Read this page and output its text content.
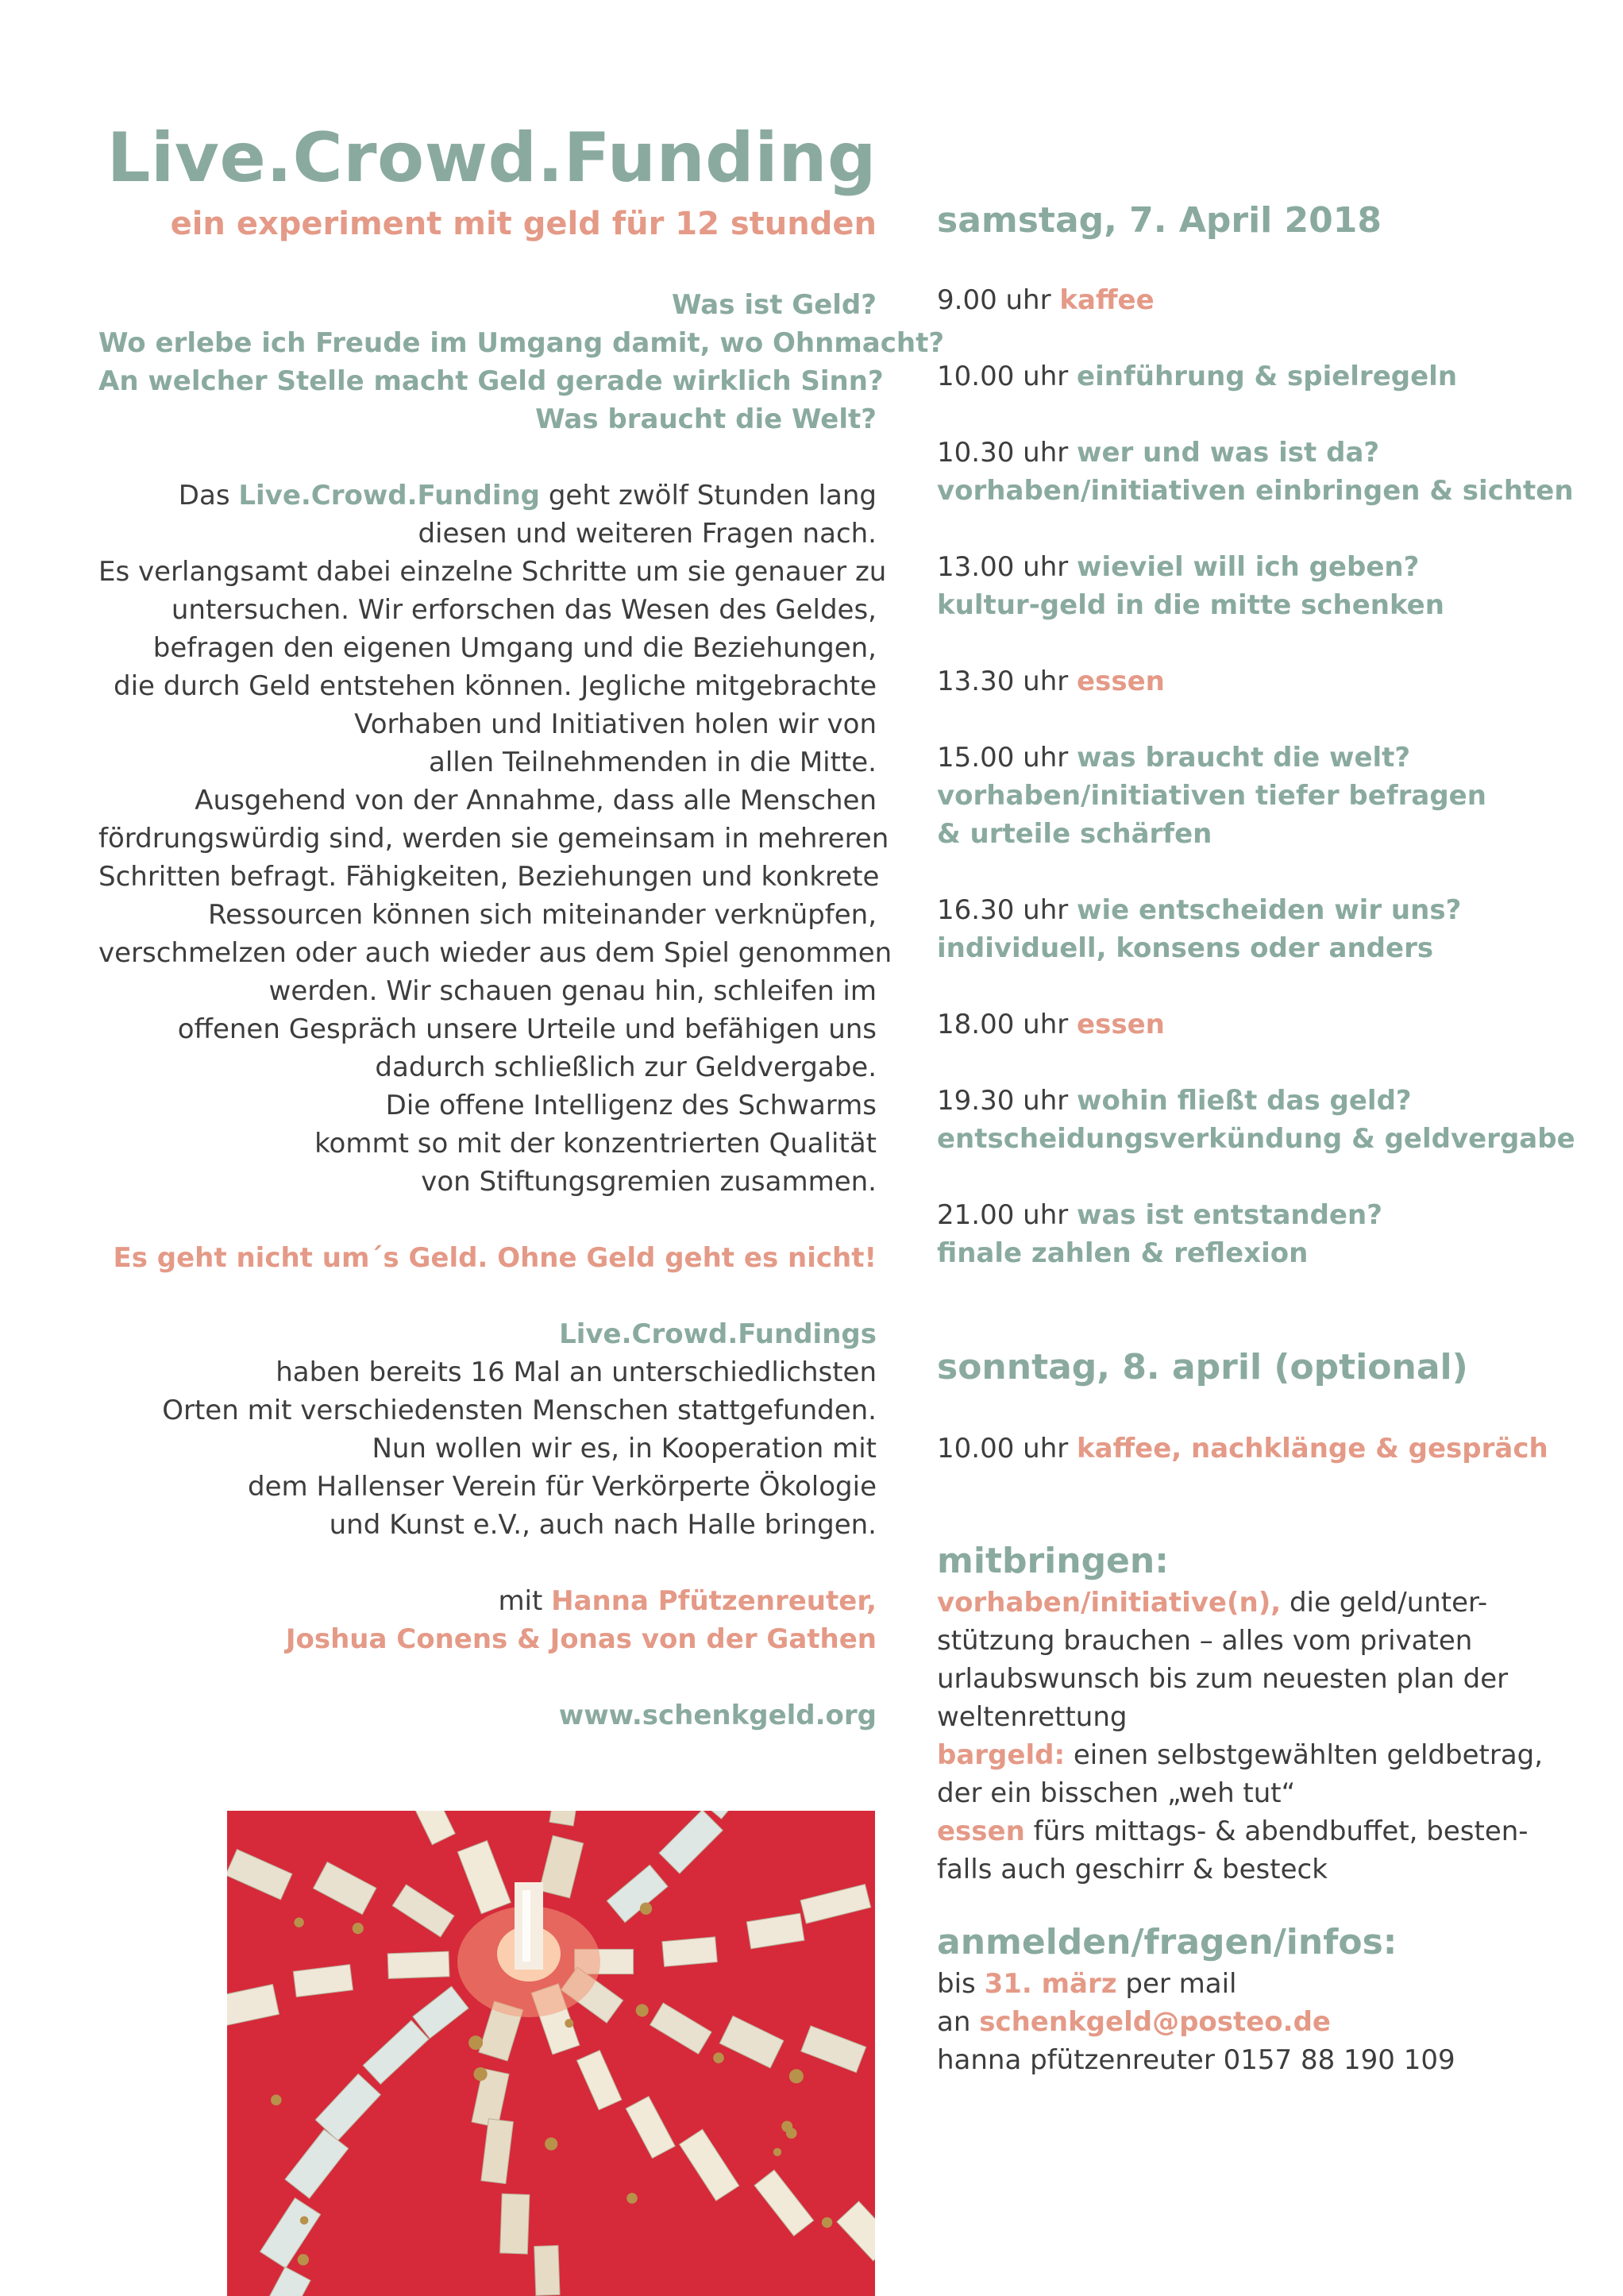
Live.Crowd.Funding
ein experiment mit geld für 12 stunden
Was ist Geld?
Wo erlebe ich Freude im Umgang damit, wo Ohnmacht?
An welcher Stelle macht Geld gerade wirklich Sinn?
Was braucht die Welt?
Das Live.Crowd.Funding geht zwölf Stunden lang
diesen und weiteren Fragen nach.
Es verlangsamt dabei einzelne Schritte um sie genauer zu
untersuchen. Wir erforschen das Wesen des Geldes,
befragen den eigenen Umgang und die Beziehungen,
die durch Geld entstehen können. Jegliche mitgebrachte
Vorhaben und Initiativen holen wir von
allen Teilnehmenden in die Mitte.
Ausgehend von der Annahme, dass alle Menschen
fördrungswürdig sind, werden sie gemeinsam in mehreren
Schritten befragt. Fähigkeiten, Beziehungen und konkrete
Ressourcen können sich miteinander verknüpfen,
verschmelzen oder auch wieder aus dem Spiel genommen
werden. Wir schauen genau hin, schleifen im
offenen Gespräch unsere Urteile und befähigen uns
dadurch schließlich zur Geldvergabe.
Die offene Intelligenz des Schwarms
kommt so mit der konzentrierten Qualität
von Stiftungsgremien zusammen.
Es geht nicht um´s Geld. Ohne Geld geht es nicht!
Live.Crowd.Fundings
haben bereits 16 Mal an unterschiedlichsten
Orten mit verschiedensten Menschen stattgefunden.
Nun wollen wir es, in Kooperation mit
dem Hallenser Verein für Verkörperte Ökologie
und Kunst e.V., auch nach Halle bringen.
mit Hanna Pfützenreuter,
Joshua Conens & Jonas von der Gathen
www.schenkgeld.org
samstag, 7. April 2018
9.00 uhr kaffee
10.00 uhr einführung & spielregeln
10.30 uhr wer und was ist da?
vorhaben/initiativen einbringen & sichten
13.00 uhr wieviel will ich geben?
kultur-geld in die mitte schenken
13.30 uhr essen
15.00 uhr was braucht die welt?
vorhaben/initiativen tiefer befragen
& urteile schärfen
16.30 uhr wie entscheiden wir uns?
individuell, konsens oder anders
18.00 uhr essen
19.30 uhr wohin fließt das geld?
entscheidungsverkündung & geldvergabe
21.00 uhr was ist entstanden?
finale zahlen & reflexion
sonntag, 8. april (optional)
10.00 uhr kaffee, nachklänge & gespräch
mitbringen:
vorhaben/initiative(n), die geld/unter-
stützung brauchen – alles vom privaten
urlaubswunsch bis zum neuesten plan der
weltenrettung
bargeld: einen selbstgewählten geldbetrag,
der ein bisschen „weh tut“
essen fürs mittags- & abendbuffet, besten-
falls auch geschirr & besteck
anmelden/fragen/infos:
bis 31. märz per mail
an schenkgeld@posteo.de
hanna pfützenreuter 0157 88 190 109
